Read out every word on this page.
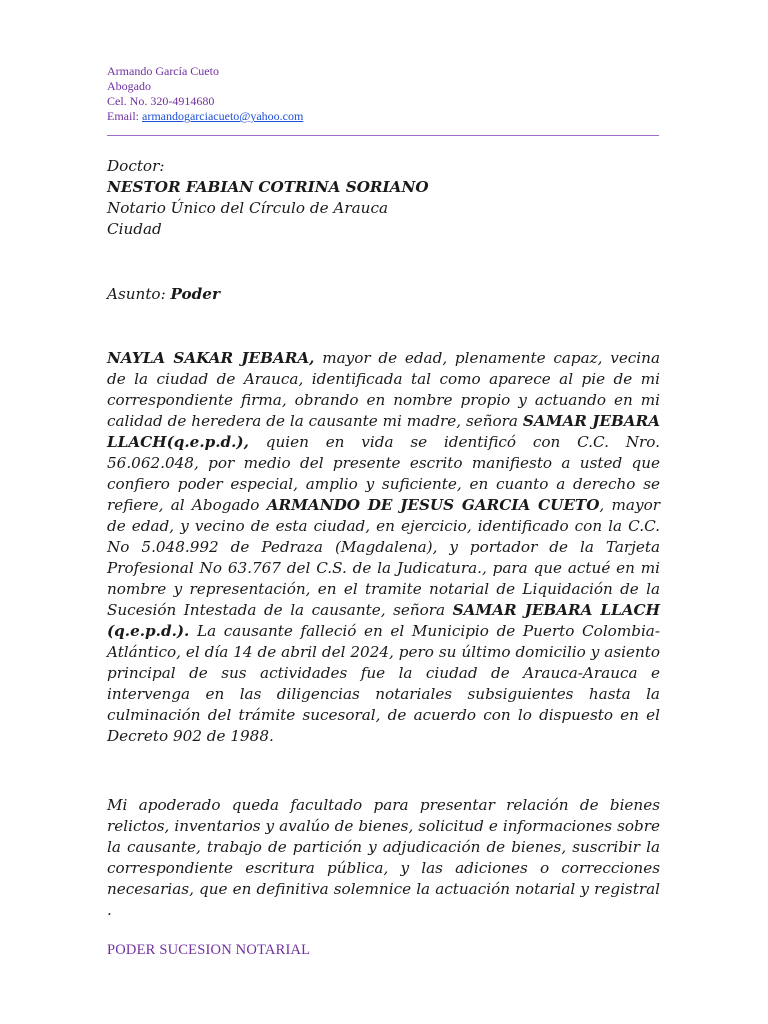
Armando García Cueto
Abogado
Cel. No. 320-4914680
Email: armandogarciacueto@yahoo.com
Doctor:
NESTOR FABIAN COTRINA SORIANO
Notario Único del Círculo de Arauca
Ciudad
Asunto: Poder
NAYLA SAKAR JEBARA, mayor de edad, plenamente capaz, vecina de la ciudad de Arauca, identificada tal como aparece al pie de mi correspondiente firma, obrando en nombre propio y actuando en mi calidad de heredera de la causante mi madre, señora SAMAR JEBARA LLACH(q.e.p.d.), quien en vida se identificó con C.C. Nro. 56.062.048, por medio del presente escrito manifiesto a usted que confiero poder especial, amplio y suficiente, en cuanto a derecho se refiere, al Abogado ARMANDO DE JESUS GARCIA CUETO, mayor de edad, y vecino de esta ciudad, en ejercicio, identificado con la C.C. No 5.048.992 de Pedraza (Magdalena), y portador de la Tarjeta Profesional No 63.767 del C.S. de la Judicatura., para que actué en mi nombre y representación, en el tramite notarial de Liquidación de la Sucesión Intestada de la causante, señora SAMAR JEBARA LLACH (q.e.p.d.). La causante falleció en el Municipio de Puerto Colombia- Atlántico, el día 14 de abril del 2024, pero su último domicilio y asiento principal de sus actividades fue la ciudad de Arauca-Arauca e intervenga en las diligencias notariales subsiguientes hasta la culminación del trámite sucesoral, de acuerdo con lo dispuesto en el Decreto 902 de 1988.
Mi apoderado queda facultado para presentar relación de bienes relictos, inventarios y avalúo de bienes, solicitud e informaciones sobre la causante, trabajo de partición y adjudicación de bienes, suscribir la correspondiente escritura pública, y las adiciones o correcciones necesarias, que en definitiva solemnice la actuación notarial y registral .
PODER SUCESION NOTARIAL
